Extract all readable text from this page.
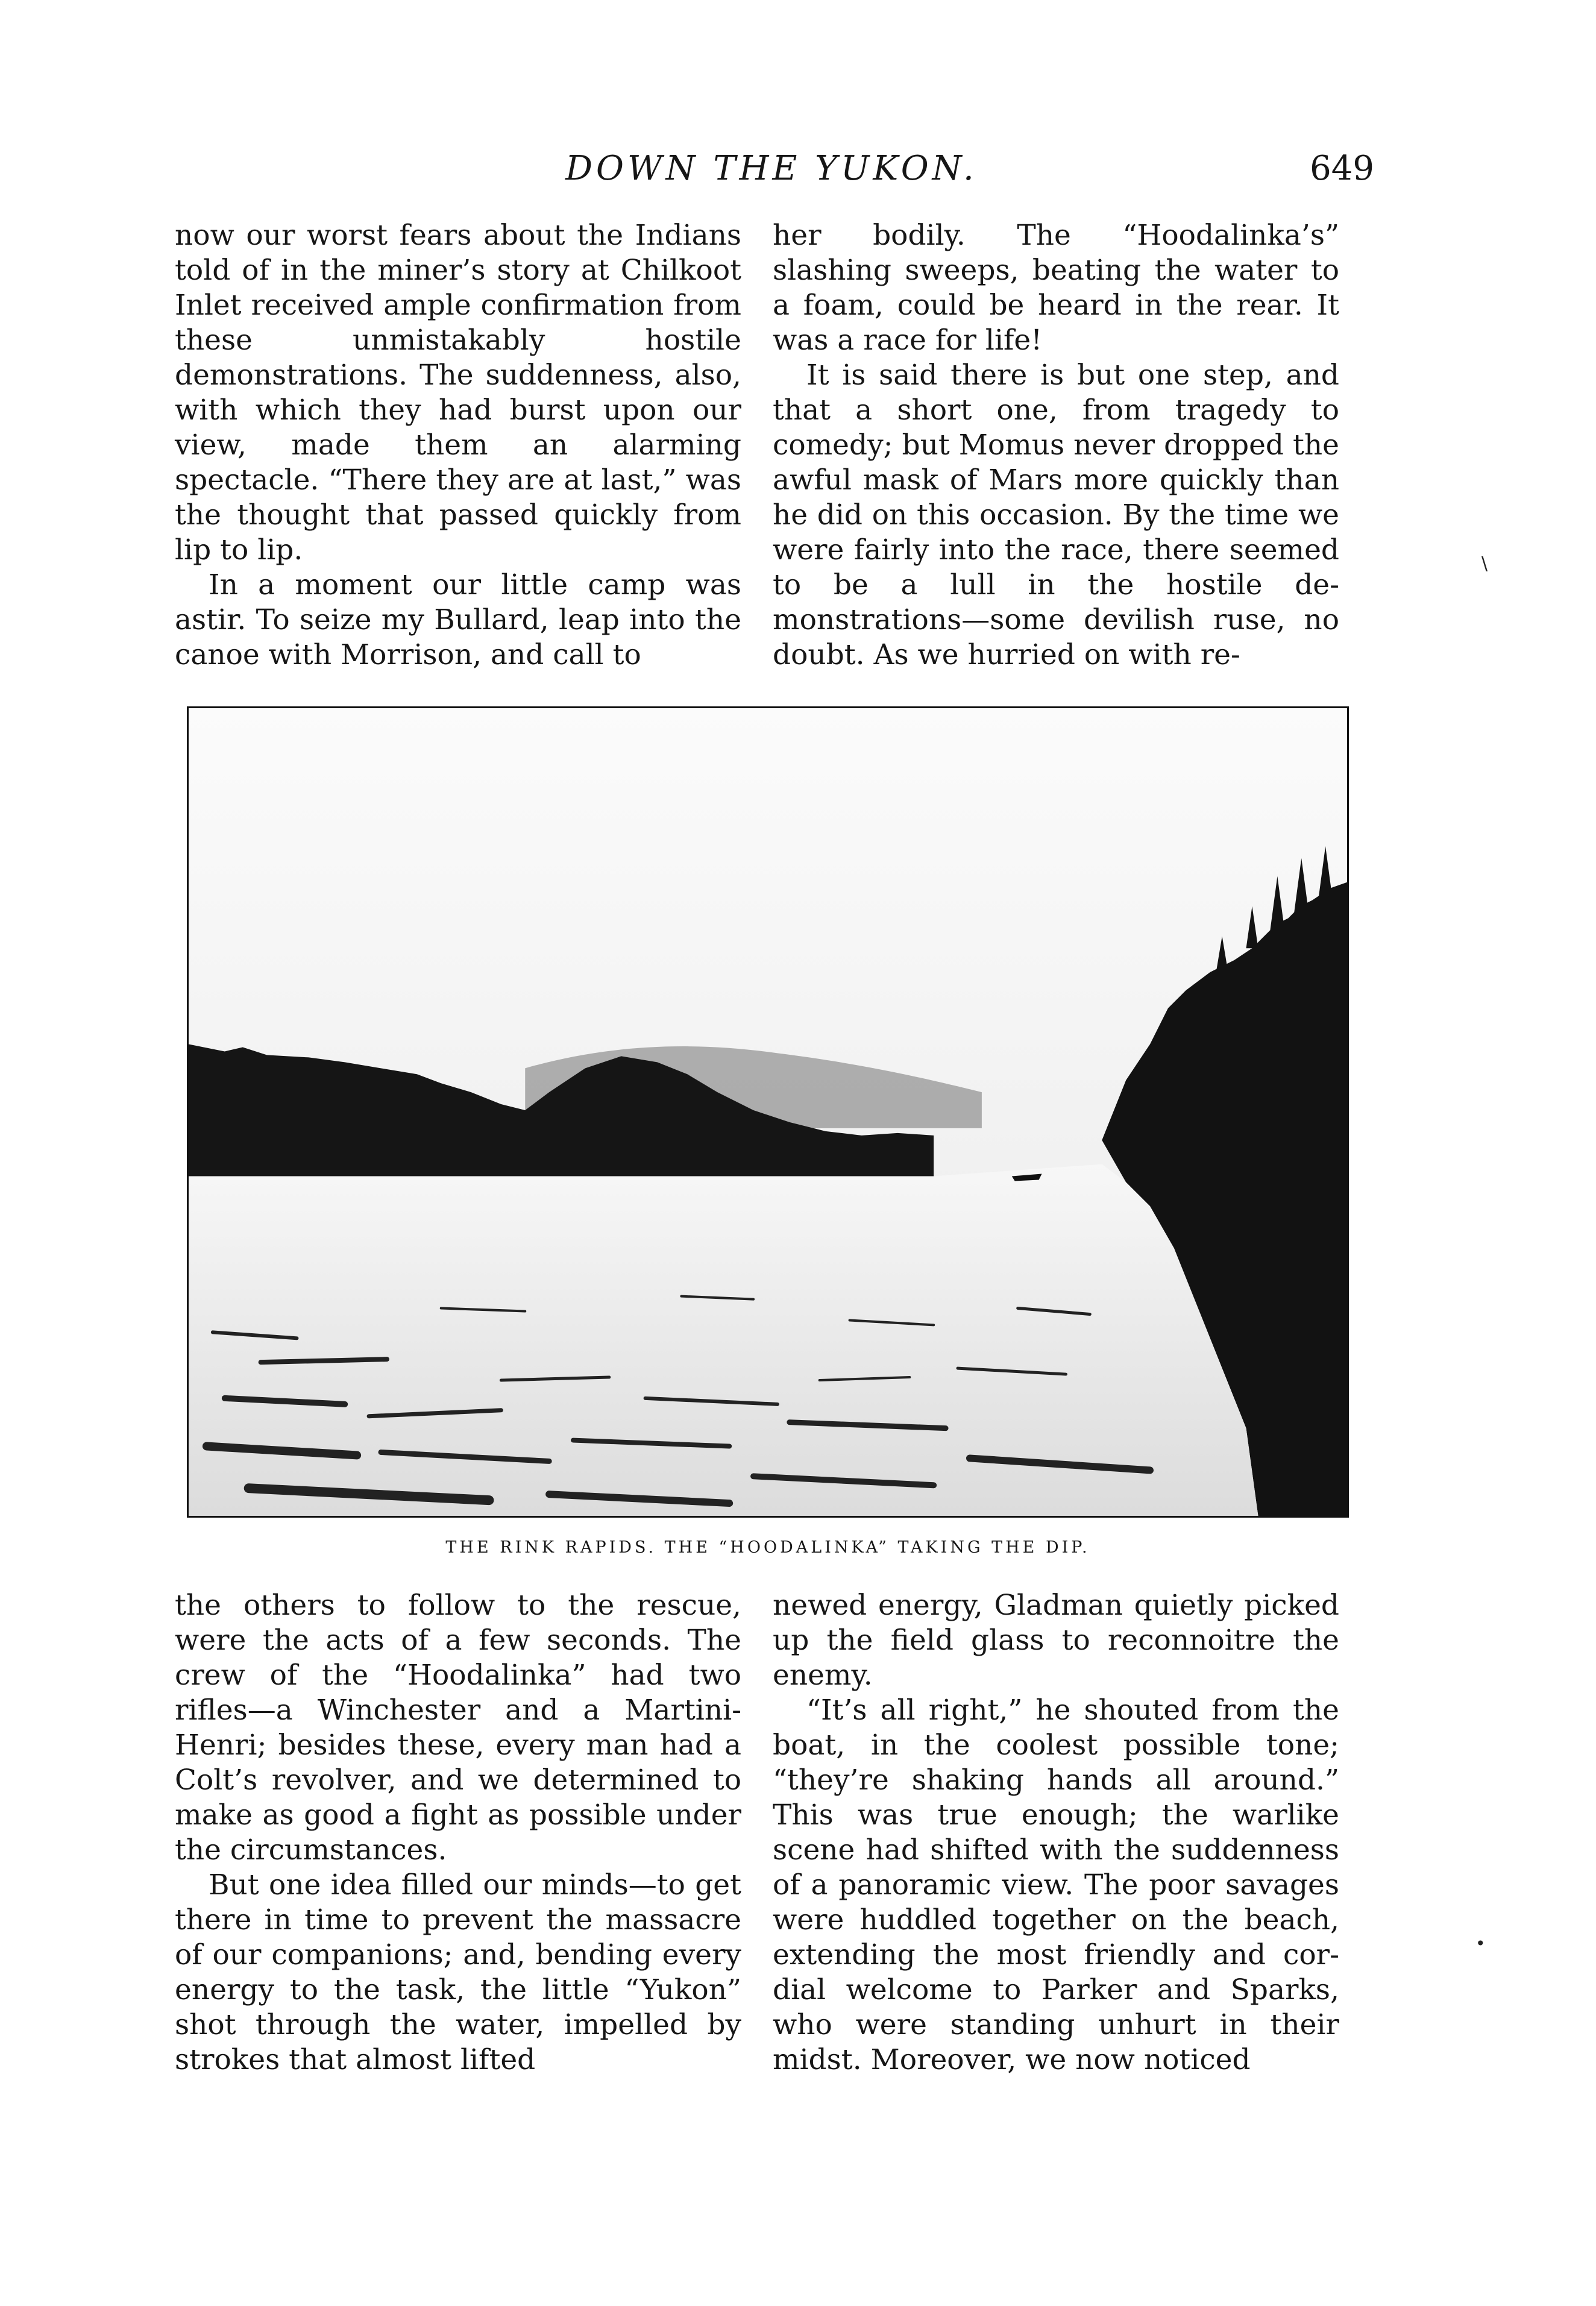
DOWN THE YUKON.	649

now our worst fears about the Indians told of in the miner’s story at Chilkoot Inlet received ample confirmation from these unmistakably hostile demonstrations. The suddenness, also, with which they had burst upon our view, made them an alarming spectacle. “There they are at last,” was the thought that passed quickly from lip to lip.

In a moment our little camp was astir. To seize my Bullard, leap into the canoe with Morrison, and call to

her bodily. The “Hoodalinka’s” slashing sweeps, beating the water to a foam, could be heard in the rear. It was a race for life!

It is said there is but one step, and that a short one, from tragedy to comedy; but Momus never dropped the awful mask of Mars more quickly than he did on this occasion. By the time we were fairly into the race, there seemed to be a lull in the hostile demonstrations—some devilish ruse, no doubt. As we hurried on with re-

THE RINK RAPIDS. THE “HOODALINKA” TAKING THE DIP.

the others to follow to the rescue, were the acts of a few seconds. The crew of the “Hoodalinka” had two rifles—a Winchester and a Martini-Henri; besides these, every man had a Colt’s revolver, and we determined to make as good a fight as possible under the circumstances.

But one idea filled our minds—to get there in time to prevent the massacre of our companions; and, bending every energy to the task, the little “Yukon” shot through the water, impelled by strokes that almost lifted

newed energy, Gladman quietly picked up the field glass to reconnoitre the enemy.

“It’s all right,” he shouted from the boat, in the coolest possible tone; “they’re shaking hands all around.” This was true enough; the warlike scene had shifted with the suddenness of a panoramic view. The poor savages were huddled together on the beach, extending the most friendly and cordial welcome to Parker and Sparks, who were standing unhurt in their midst. Moreover, we now noticed

\
•
